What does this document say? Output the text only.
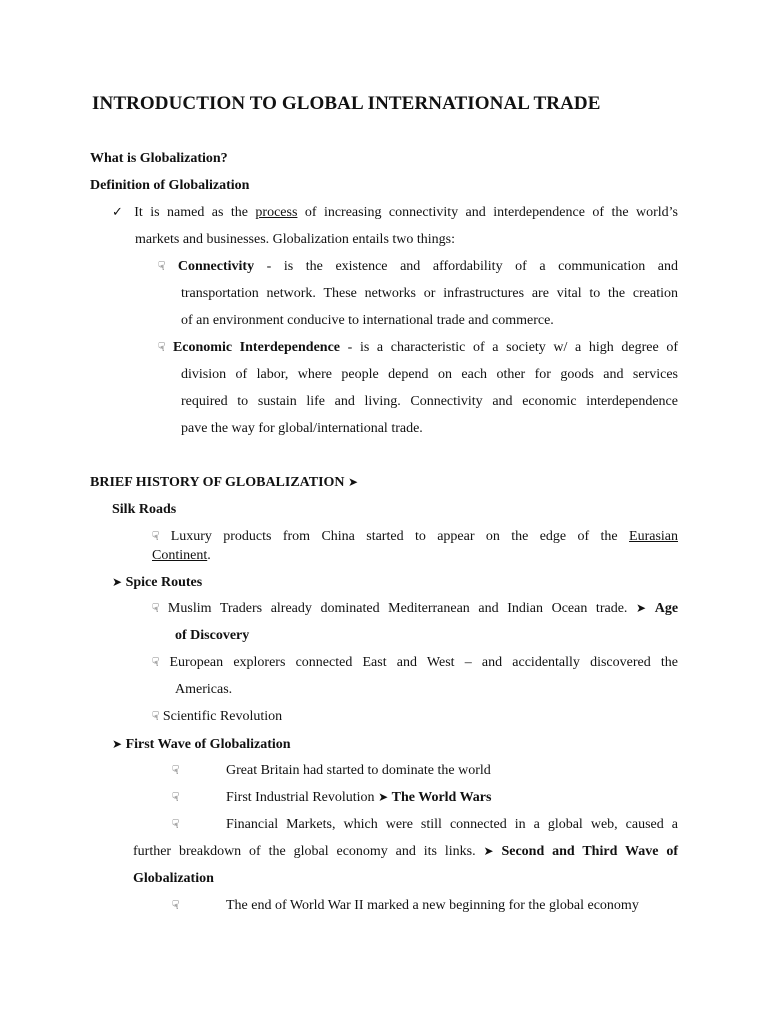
INTRODUCTION TO GLOBAL INTERNATIONAL TRADE
What is Globalization?
Definition of Globalization
✓ It is named as the process of increasing connectivity and interdependence of the world’s
markets and businesses. Globalization entails two things:
☟ Connectivity - is the existence and affordability of a communication and
transportation network. These networks or infrastructures are vital to the creation
of an environment conducive to international trade and commerce.
☟ Economic Interdependence - is a characteristic of a society w/ a high degree of
division of labor, where people depend on each other for goods and services
required to sustain life and living. Connectivity and economic interdependence
pave the way for global/international trade.
BRIEF HISTORY OF GLOBALIZATION ➤
Silk Roads
☟ Luxury products from China started to appear on the edge of the Eurasian
Continent.
➤ Spice Routes
☟ Muslim Traders already dominated Mediterranean and Indian Ocean trade. ➤ Age
of Discovery
☟ European explorers connected East and West – and accidentally discovered the
Americas.
☟ Scientific Revolution
➤ First Wave of Globalization
☟	Great Britain had started to dominate the world
☟	First Industrial Revolution ➤ The World Wars
☟	Financial Markets, which were still connected in a global web, caused a
further breakdown of the global economy and its links. ➤ Second and Third Wave of
Globalization
☟	The end of World War II marked a new beginning for the global economy
